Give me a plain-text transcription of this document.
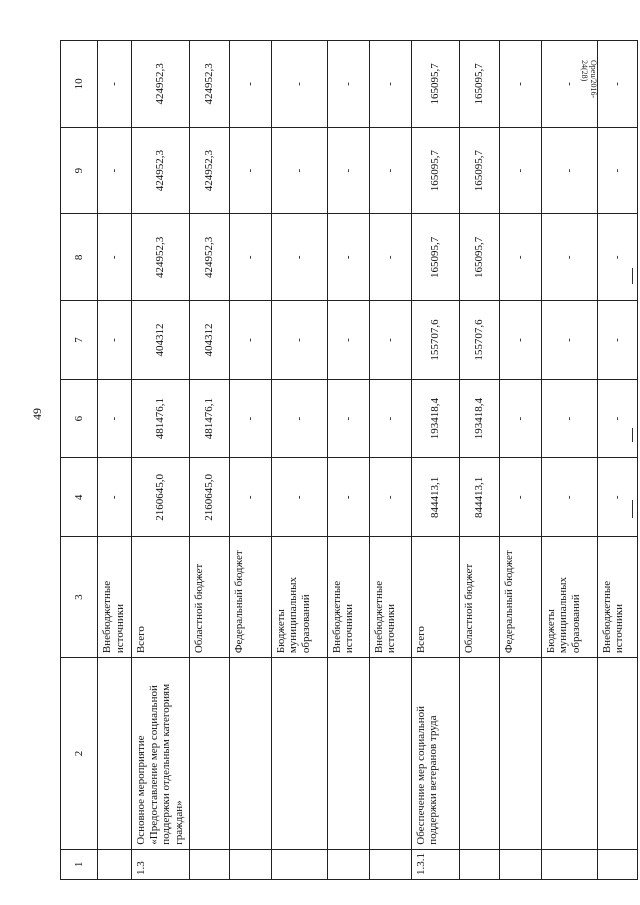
49
Opeu/2016-24(28)
1	2	3	4	6	7	8	9	10
		Внебюджетные источники	-	-	-	-	-	-
1.3	Основное мероприятие «Предоставление мер социальной поддержки отдельным категориям граждан»	Всего	2160645,0	481476,1	404312	424952,3	424952,3	424952,3
		Областной бюджет	2160645,0	481476,1	404312	424952,3	424952,3	424952,3
		Федеральный бюджет	-	-	-	-	-	-
		Бюджеты муниципальных образований	-	-	-	-	-	-
		Внебюджетные источники	-	-	-	-	-	-
		Внебюджетные источники	-	-	-	-	-	-
1.3.1	Обеспечение мер социальной поддержки ветеранов труда	Всего	844413,1	193418,4	155707,6	165095,7	165095,7	165095,7
		Областной бюджет	844413,1	193418,4	155707,6	165095,7	165095,7	165095,7
		Федеральный бюджет	-	-	-	-	-	-
		Бюджеты муниципальных образований	-	-	-	-	-	-
		Внебюджетные источники	-	-	-	-	-	-
